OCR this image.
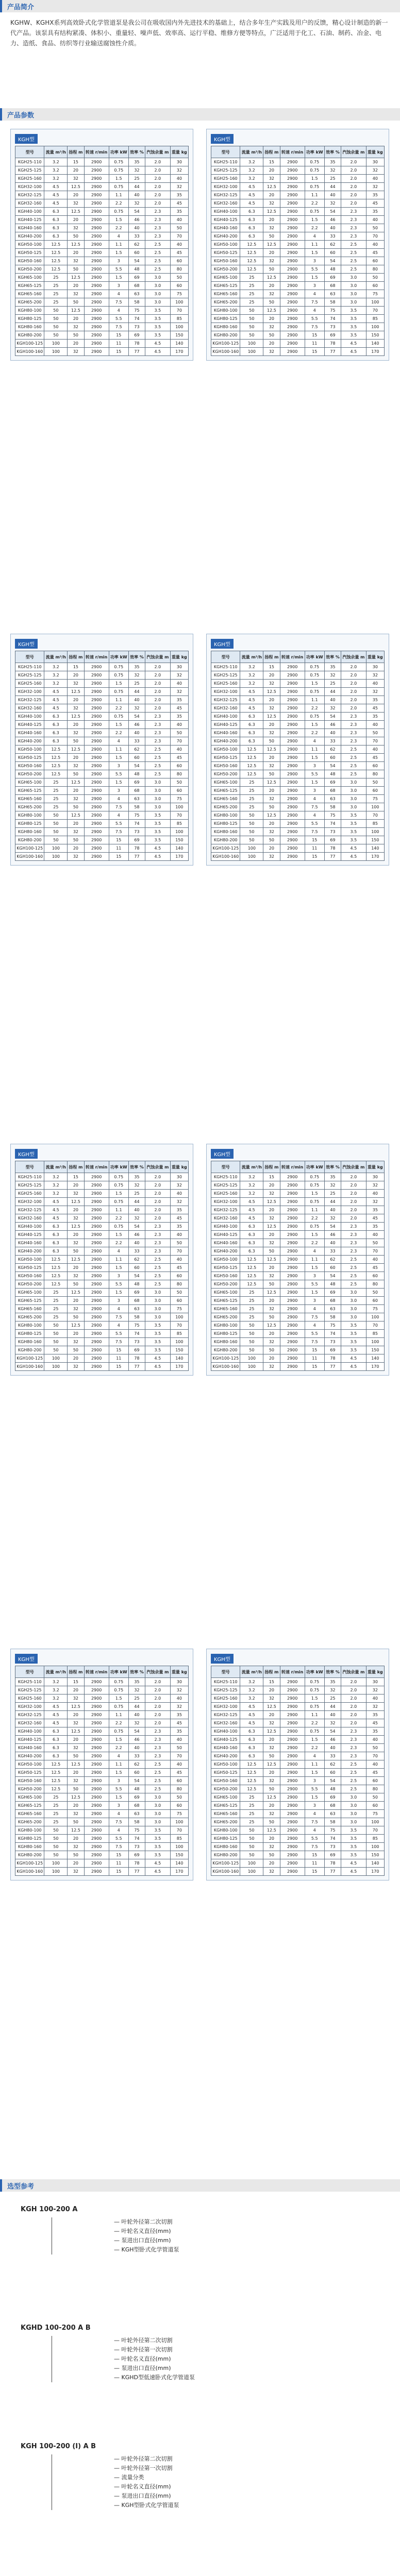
产品简介
KGHW、KGHX系列高效卧式化学管道泵是我公司在吸收国内外先进技术的基础上，结合多年生产实践及用户的反馈，精心设计制造的新一代产品。该泵具有结构紧凑、体积小、重量轻、噪声低、效率高、运行平稳、维修方便等特点，广泛适用于化工、石油、制药、冶金、电力、造纸、食品、纺织等行业输送腐蚀性介质。
产品参数
KGH型
型号	流量 m³/h	扬程 m	转速 r/min	功率 kW	效率 %	汽蚀余量 m	重量 kg
KGH25-110	3.2	15	2900	0.75	35	2.0	30
KGH25-125	3.2	20	2900	0.75	32	2.0	32
KGH25-160	3.2	32	2900	1.5	25	2.0	40
KGH32-100	4.5	12.5	2900	0.75	44	2.0	32
KGH32-125	4.5	20	2900	1.1	40	2.0	35
KGH32-160	4.5	32	2900	2.2	32	2.0	45
KGH40-100	6.3	12.5	2900	0.75	54	2.3	35
KGH40-125	6.3	20	2900	1.5	46	2.3	40
KGH40-160	6.3	32	2900	2.2	40	2.3	50
KGH40-200	6.3	50	2900	4	33	2.3	70
KGH50-100	12.5	12.5	2900	1.1	62	2.5	40
KGH50-125	12.5	20	2900	1.5	60	2.5	45
KGH50-160	12.5	32	2900	3	54	2.5	60
KGH50-200	12.5	50	2900	5.5	48	2.5	80
KGH65-100	25	12.5	2900	1.5	69	3.0	50
KGH65-125	25	20	2900	3	68	3.0	60
KGH65-160	25	32	2900	4	63	3.0	75
KGH65-200	25	50	2900	7.5	58	3.0	100
KGH80-100	50	12.5	2900	4	75	3.5	70
KGH80-125	50	20	2900	5.5	74	3.5	85
KGH80-160	50	32	2900	7.5	73	3.5	100
KGH80-200	50	50	2900	15	69	3.5	150
KGH100-125	100	20	2900	11	78	4.5	140
KGH100-160	100	32	2900	15	77	4.5	170
KGH型
型号	流量 m³/h	扬程 m	转速 r/min	功率 kW	效率 %	汽蚀余量 m	重量 kg
KGH25-110	3.2	15	2900	0.75	35	2.0	30
KGH25-125	3.2	20	2900	0.75	32	2.0	32
KGH25-160	3.2	32	2900	1.5	25	2.0	40
KGH32-100	4.5	12.5	2900	0.75	44	2.0	32
KGH32-125	4.5	20	2900	1.1	40	2.0	35
KGH32-160	4.5	32	2900	2.2	32	2.0	45
KGH40-100	6.3	12.5	2900	0.75	54	2.3	35
KGH40-125	6.3	20	2900	1.5	46	2.3	40
KGH40-160	6.3	32	2900	2.2	40	2.3	50
KGH40-200	6.3	50	2900	4	33	2.3	70
KGH50-100	12.5	12.5	2900	1.1	62	2.5	40
KGH50-125	12.5	20	2900	1.5	60	2.5	45
KGH50-160	12.5	32	2900	3	54	2.5	60
KGH50-200	12.5	50	2900	5.5	48	2.5	80
KGH65-100	25	12.5	2900	1.5	69	3.0	50
KGH65-125	25	20	2900	3	68	3.0	60
KGH65-160	25	32	2900	4	63	3.0	75
KGH65-200	25	50	2900	7.5	58	3.0	100
KGH80-100	50	12.5	2900	4	75	3.5	70
KGH80-125	50	20	2900	5.5	74	3.5	85
KGH80-160	50	32	2900	7.5	73	3.5	100
KGH80-200	50	50	2900	15	69	3.5	150
KGH100-125	100	20	2900	11	78	4.5	140
KGH100-160	100	32	2900	15	77	4.5	170
KGH型
型号	流量 m³/h	扬程 m	转速 r/min	功率 kW	效率 %	汽蚀余量 m	重量 kg
KGH25-110	3.2	15	2900	0.75	35	2.0	30
KGH25-125	3.2	20	2900	0.75	32	2.0	32
KGH25-160	3.2	32	2900	1.5	25	2.0	40
KGH32-100	4.5	12.5	2900	0.75	44	2.0	32
KGH32-125	4.5	20	2900	1.1	40	2.0	35
KGH32-160	4.5	32	2900	2.2	32	2.0	45
KGH40-100	6.3	12.5	2900	0.75	54	2.3	35
KGH40-125	6.3	20	2900	1.5	46	2.3	40
KGH40-160	6.3	32	2900	2.2	40	2.3	50
KGH40-200	6.3	50	2900	4	33	2.3	70
KGH50-100	12.5	12.5	2900	1.1	62	2.5	40
KGH50-125	12.5	20	2900	1.5	60	2.5	45
KGH50-160	12.5	32	2900	3	54	2.5	60
KGH50-200	12.5	50	2900	5.5	48	2.5	80
KGH65-100	25	12.5	2900	1.5	69	3.0	50
KGH65-125	25	20	2900	3	68	3.0	60
KGH65-160	25	32	2900	4	63	3.0	75
KGH65-200	25	50	2900	7.5	58	3.0	100
KGH80-100	50	12.5	2900	4	75	3.5	70
KGH80-125	50	20	2900	5.5	74	3.5	85
KGH80-160	50	32	2900	7.5	73	3.5	100
KGH80-200	50	50	2900	15	69	3.5	150
KGH100-125	100	20	2900	11	78	4.5	140
KGH100-160	100	32	2900	15	77	4.5	170
KGH型
型号	流量 m³/h	扬程 m	转速 r/min	功率 kW	效率 %	汽蚀余量 m	重量 kg
KGH25-110	3.2	15	2900	0.75	35	2.0	30
KGH25-125	3.2	20	2900	0.75	32	2.0	32
KGH25-160	3.2	32	2900	1.5	25	2.0	40
KGH32-100	4.5	12.5	2900	0.75	44	2.0	32
KGH32-125	4.5	20	2900	1.1	40	2.0	35
KGH32-160	4.5	32	2900	2.2	32	2.0	45
KGH40-100	6.3	12.5	2900	0.75	54	2.3	35
KGH40-125	6.3	20	2900	1.5	46	2.3	40
KGH40-160	6.3	32	2900	2.2	40	2.3	50
KGH40-200	6.3	50	2900	4	33	2.3	70
KGH50-100	12.5	12.5	2900	1.1	62	2.5	40
KGH50-125	12.5	20	2900	1.5	60	2.5	45
KGH50-160	12.5	32	2900	3	54	2.5	60
KGH50-200	12.5	50	2900	5.5	48	2.5	80
KGH65-100	25	12.5	2900	1.5	69	3.0	50
KGH65-125	25	20	2900	3	68	3.0	60
KGH65-160	25	32	2900	4	63	3.0	75
KGH65-200	25	50	2900	7.5	58	3.0	100
KGH80-100	50	12.5	2900	4	75	3.5	70
KGH80-125	50	20	2900	5.5	74	3.5	85
KGH80-160	50	32	2900	7.5	73	3.5	100
KGH80-200	50	50	2900	15	69	3.5	150
KGH100-125	100	20	2900	11	78	4.5	140
KGH100-160	100	32	2900	15	77	4.5	170
KGH型
型号	流量 m³/h	扬程 m	转速 r/min	功率 kW	效率 %	汽蚀余量 m	重量 kg
KGH25-110	3.2	15	2900	0.75	35	2.0	30
KGH25-125	3.2	20	2900	0.75	32	2.0	32
KGH25-160	3.2	32	2900	1.5	25	2.0	40
KGH32-100	4.5	12.5	2900	0.75	44	2.0	32
KGH32-125	4.5	20	2900	1.1	40	2.0	35
KGH32-160	4.5	32	2900	2.2	32	2.0	45
KGH40-100	6.3	12.5	2900	0.75	54	2.3	35
KGH40-125	6.3	20	2900	1.5	46	2.3	40
KGH40-160	6.3	32	2900	2.2	40	2.3	50
KGH40-200	6.3	50	2900	4	33	2.3	70
KGH50-100	12.5	12.5	2900	1.1	62	2.5	40
KGH50-125	12.5	20	2900	1.5	60	2.5	45
KGH50-160	12.5	32	2900	3	54	2.5	60
KGH50-200	12.5	50	2900	5.5	48	2.5	80
KGH65-100	25	12.5	2900	1.5	69	3.0	50
KGH65-125	25	20	2900	3	68	3.0	60
KGH65-160	25	32	2900	4	63	3.0	75
KGH65-200	25	50	2900	7.5	58	3.0	100
KGH80-100	50	12.5	2900	4	75	3.5	70
KGH80-125	50	20	2900	5.5	74	3.5	85
KGH80-160	50	32	2900	7.5	73	3.5	100
KGH80-200	50	50	2900	15	69	3.5	150
KGH100-125	100	20	2900	11	78	4.5	140
KGH100-160	100	32	2900	15	77	4.5	170
KGH型
型号	流量 m³/h	扬程 m	转速 r/min	功率 kW	效率 %	汽蚀余量 m	重量 kg
KGH25-110	3.2	15	2900	0.75	35	2.0	30
KGH25-125	3.2	20	2900	0.75	32	2.0	32
KGH25-160	3.2	32	2900	1.5	25	2.0	40
KGH32-100	4.5	12.5	2900	0.75	44	2.0	32
KGH32-125	4.5	20	2900	1.1	40	2.0	35
KGH32-160	4.5	32	2900	2.2	32	2.0	45
KGH40-100	6.3	12.5	2900	0.75	54	2.3	35
KGH40-125	6.3	20	2900	1.5	46	2.3	40
KGH40-160	6.3	32	2900	2.2	40	2.3	50
KGH40-200	6.3	50	2900	4	33	2.3	70
KGH50-100	12.5	12.5	2900	1.1	62	2.5	40
KGH50-125	12.5	20	2900	1.5	60	2.5	45
KGH50-160	12.5	32	2900	3	54	2.5	60
KGH50-200	12.5	50	2900	5.5	48	2.5	80
KGH65-100	25	12.5	2900	1.5	69	3.0	50
KGH65-125	25	20	2900	3	68	3.0	60
KGH65-160	25	32	2900	4	63	3.0	75
KGH65-200	25	50	2900	7.5	58	3.0	100
KGH80-100	50	12.5	2900	4	75	3.5	70
KGH80-125	50	20	2900	5.5	74	3.5	85
KGH80-160	50	32	2900	7.5	73	3.5	100
KGH80-200	50	50	2900	15	69	3.5	150
KGH100-125	100	20	2900	11	78	4.5	140
KGH100-160	100	32	2900	15	77	4.5	170
KGH型
型号	流量 m³/h	扬程 m	转速 r/min	功率 kW	效率 %	汽蚀余量 m	重量 kg
KGH25-110	3.2	15	2900	0.75	35	2.0	30
KGH25-125	3.2	20	2900	0.75	32	2.0	32
KGH25-160	3.2	32	2900	1.5	25	2.0	40
KGH32-100	4.5	12.5	2900	0.75	44	2.0	32
KGH32-125	4.5	20	2900	1.1	40	2.0	35
KGH32-160	4.5	32	2900	2.2	32	2.0	45
KGH40-100	6.3	12.5	2900	0.75	54	2.3	35
KGH40-125	6.3	20	2900	1.5	46	2.3	40
KGH40-160	6.3	32	2900	2.2	40	2.3	50
KGH40-200	6.3	50	2900	4	33	2.3	70
KGH50-100	12.5	12.5	2900	1.1	62	2.5	40
KGH50-125	12.5	20	2900	1.5	60	2.5	45
KGH50-160	12.5	32	2900	3	54	2.5	60
KGH50-200	12.5	50	2900	5.5	48	2.5	80
KGH65-100	25	12.5	2900	1.5	69	3.0	50
KGH65-125	25	20	2900	3	68	3.0	60
KGH65-160	25	32	2900	4	63	3.0	75
KGH65-200	25	50	2900	7.5	58	3.0	100
KGH80-100	50	12.5	2900	4	75	3.5	70
KGH80-125	50	20	2900	5.5	74	3.5	85
KGH80-160	50	32	2900	7.5	73	3.5	100
KGH80-200	50	50	2900	15	69	3.5	150
KGH100-125	100	20	2900	11	78	4.5	140
KGH100-160	100	32	2900	15	77	4.5	170
KGH型
型号	流量 m³/h	扬程 m	转速 r/min	功率 kW	效率 %	汽蚀余量 m	重量 kg
KGH25-110	3.2	15	2900	0.75	35	2.0	30
KGH25-125	3.2	20	2900	0.75	32	2.0	32
KGH25-160	3.2	32	2900	1.5	25	2.0	40
KGH32-100	4.5	12.5	2900	0.75	44	2.0	32
KGH32-125	4.5	20	2900	1.1	40	2.0	35
KGH32-160	4.5	32	2900	2.2	32	2.0	45
KGH40-100	6.3	12.5	2900	0.75	54	2.3	35
KGH40-125	6.3	20	2900	1.5	46	2.3	40
KGH40-160	6.3	32	2900	2.2	40	2.3	50
KGH40-200	6.3	50	2900	4	33	2.3	70
KGH50-100	12.5	12.5	2900	1.1	62	2.5	40
KGH50-125	12.5	20	2900	1.5	60	2.5	45
KGH50-160	12.5	32	2900	3	54	2.5	60
KGH50-200	12.5	50	2900	5.5	48	2.5	80
KGH65-100	25	12.5	2900	1.5	69	3.0	50
KGH65-125	25	20	2900	3	68	3.0	60
KGH65-160	25	32	2900	4	63	3.0	75
KGH65-200	25	50	2900	7.5	58	3.0	100
KGH80-100	50	12.5	2900	4	75	3.5	70
KGH80-125	50	20	2900	5.5	74	3.5	85
KGH80-160	50	32	2900	7.5	73	3.5	100
KGH80-200	50	50	2900	15	69	3.5	150
KGH100-125	100	20	2900	11	78	4.5	140
KGH100-160	100	32	2900	15	77	4.5	170
选型参考
KGH 100-200 A
— 叶轮外径第二次切割
— 叶轮名义直径(mm)
— 泵进出口直径(mm)
— KGH型卧式化学管道泵
KGHD 100-200 A B
— 叶轮外径第二次切割
— 叶轮外径第一次切割
— 叶轮名义直径(mm)
— 泵进出口直径(mm)
— KGHD型低速卧式化学管道泵
KGH 100-200 (I) A B
— 叶轮外径第二次切割
— 叶轮外径第一次切割
— 流量分类
— 叶轮名义直径(mm)
— 泵进出口直径(mm)
— KGH型卧式化学管道泵
